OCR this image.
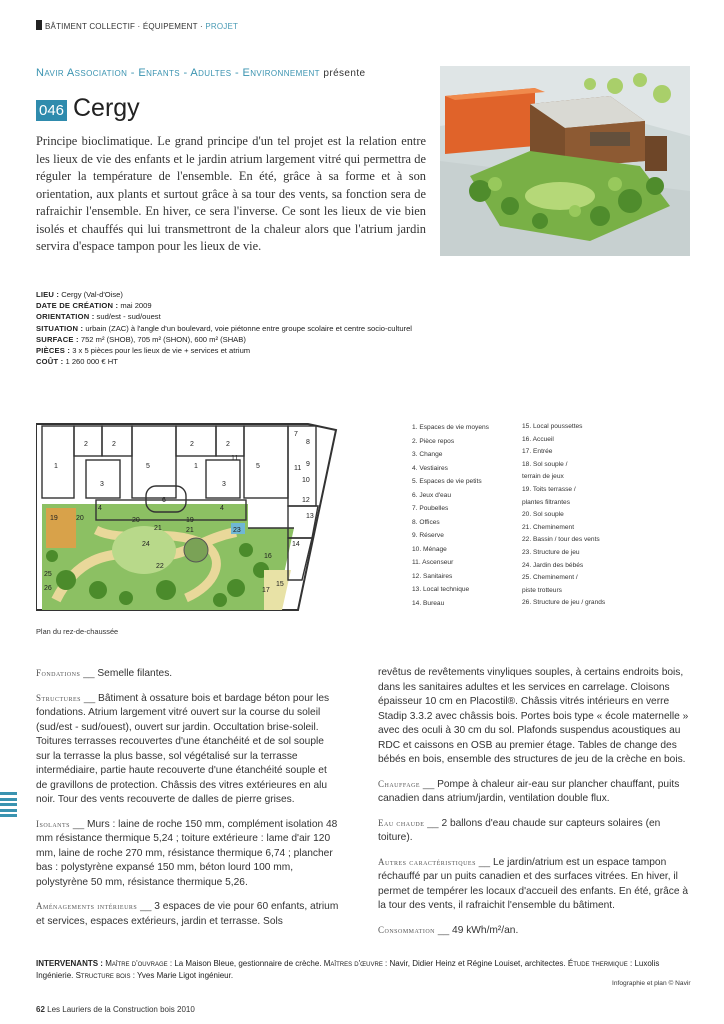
BÂTIMENT COLLECTIF · ÉQUIPEMENT · PROJET
Navir Association - Enfants - Adultes - Environnement présente
046 Cergy
Principe bioclimatique. Le grand principe d'un tel projet est la relation entre les lieux de vie des enfants et le jardin atrium largement vitré qui permettra de réguler la température de l'ensemble. En été, grâce à sa forme et à son orientation, aux plants et surtout grâce à sa tour des vents, sa fonction sera de rafraichir l'ensemble. En hiver, ce sera l'inverse. Ce sont les lieux de vie bien isolés et chauffés qui lui transmettront de la chaleur alors que l'atrium jardin servira d'espace tampon pour les lieux de vie.
LIEU : Cergy (Val-d'Oise)
DATE DE CRÉATION : mai 2009
ORIENTATION : sud/est - sud/ouest
SITUATION : urbain (ZAC) à l'angle d'un boulevard, voie piétonne entre groupe scolaire et centre socio-culturel
SURFACE : 752 m² (SHOB), 705 m² (SHON), 600 m² (SHAB)
PIÈCES : 3 x 5 pièces pour les lieux de vie + services et atrium
COÛT : 1 260 000 € HT
1
2	2
3
4
5	5
2	2
3
4
1
7
8
9
10
11
12
13
14
15
16
17
6
11
19	20	19
20
21
21
22
23
24
25
26
Plan du rez-de-chaussée
1. Espaces de vie moyens
2. Pièce repos
3. Change
4. Vestiaires
5. Espaces de vie petits
6. Jeux d'eau
7. Poubelles
8. Offices
9. Réserve
10. Ménage
11. Ascenseur
12. Sanitaires
13. Local technique
14. Bureau
15. Local poussettes
16. Accueil
17. Entrée
18. Sol souple /
terrain de jeux
19. Toits terrasse /
plantes filtrantes
20. Sol souple
21. Cheminement
22. Bassin / tour des vents
23. Structure de jeu
24. Jardin des bébés
25. Cheminement /
piste trotteurs
26. Structure de jeu / grands

Fondations __ Semelle filantes.

Structures __ Bâtiment à ossature bois et bardage béton pour les fondations. Atrium largement vitré ouvert sur la course du soleil (sud/est - sud/ouest), ouvert sur jardin. Occultation brise-soleil. Toitures terrasses recouvertes d'une étanchéité et de sol souple sur la terrasse la plus basse, sol végétalisé sur la terrasse intermédiaire, partie haute recouverte d'une étanchéité souple et de gravillons de protection. Châssis des vitres extérieures en alu noir. Tour des vents recouverte de dalles de pierre grises.

Isolants __ Murs : laine de roche 150 mm, complément isolation 48 mm résistance thermique 5,24 ; toiture extérieure : lame d'air 120 mm, laine de roche 270 mm, résistance thermique 6,74 ; plancher bas : polystyrène expansé 150 mm, béton lourd 100 mm, polystyrène 50 mm, résistance thermique 5,26.

Aménagements intérieurs __ 3 espaces de vie pour 60 enfants, atrium et services, espaces extérieurs, jardin et terrasse. Sols

revêtus de revêtements vinyliques souples, à certains endroits bois, dans les sanitaires adultes et les services en carrelage. Cloisons épaisseur 10 cm en Placostil®. Châssis vitrés intérieurs en verre Stadip 3.3.2 avec châssis bois. Portes bois type « école maternelle » avec des oculi à 30 cm du sol. Plafonds suspendus acoustiques au RDC et caissons en OSB au premier étage. Tables de change des bébés en bois, ensemble des structures de jeu de la crèche en bois.

Chauffage __ Pompe à chaleur air-eau sur plancher chauffant, puits canadien dans atrium/jardin, ventilation double flux.

Eau chaude __ 2 ballons d'eau chaude sur capteurs solaires (en toiture).

Autres caractéristiques __ Le jardin/atrium est un espace tampon réchauffé par un puits canadien et des surfaces vitrées. En hiver, il permet de tempérer les locaux d'accueil des enfants. En été, grâce à la tour des vents, il rafraichit l'ensemble du bâtiment.

Consommation __ 49 kWh/m²/an.

INTERVENANTS : Maître d'ouvrage : La Maison Bleue, gestionnaire de crèche. Maîtres d'œuvre : Navir, Didier Heinz et Régine Louiset, architectes. Étude thermique : Luxolis Ingénierie. Structure bois : Yves Marie Ligot ingénieur.
Infographie et plan © Navir
62 Les Lauriers de la Construction bois 2010
